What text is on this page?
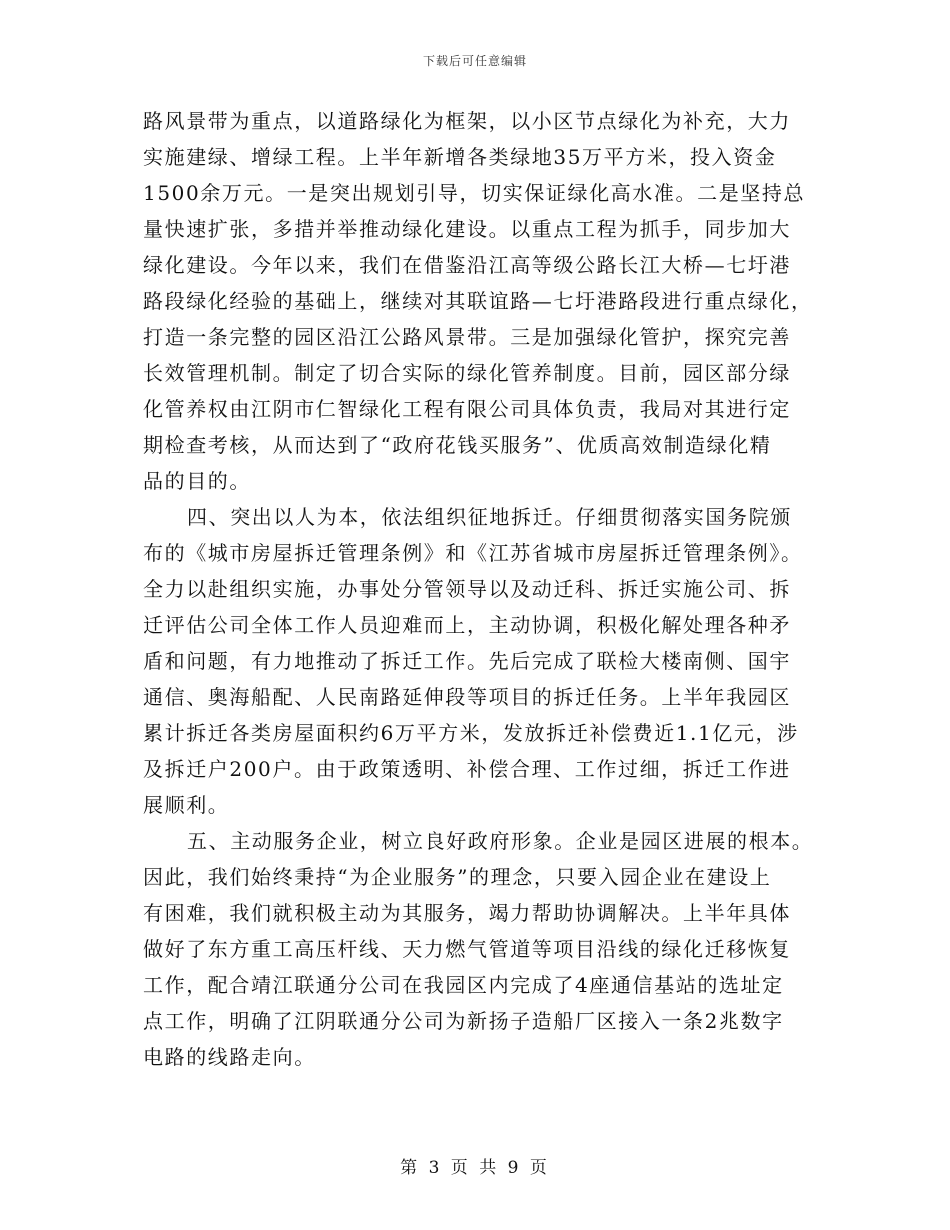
下载后可任意编辑
路风景带为重点，以道路绿化为框架，以小区节点绿化为补充，大力
实施建绿、增绿工程。上半年新增各类绿地35万平方米，投入资金
1500余万元。一是突出规划引导，切实保证绿化高水准。二是坚持总
量快速扩张，多措并举推动绿化建设。以重点工程为抓手，同步加大
绿化建设。今年以来，我们在借鉴沿江高等级公路长江大桥—七圩港
路段绿化经验的基础上，继续对其联谊路—七圩港路段进行重点绿化，
打造一条完整的园区沿江公路风景带。三是加强绿化管护，探究完善
长效管理机制。制定了切合实际的绿化管养制度。目前，园区部分绿
化管养权由江阴市仁智绿化工程有限公司具体负责，我局对其进行定
期检查考核，从而达到了“政府花钱买服务”、优质高效制造绿化精
品的目的。
四、突出以人为本，依法组织征地拆迁。仔细贯彻落实国务院颁
布的《城市房屋拆迁管理条例》和《江苏省城市房屋拆迁管理条例》。
全力以赴组织实施，办事处分管领导以及动迁科、拆迁实施公司、拆
迁评估公司全体工作人员迎难而上，主动协调，积极化解处理各种矛
盾和问题，有力地推动了拆迁工作。先后完成了联检大楼南侧、国宇
通信、奥海船配、人民南路延伸段等项目的拆迁任务。上半年我园区
累计拆迁各类房屋面积约6万平方米，发放拆迁补偿费近1.1亿元，涉
及拆迁户200户。由于政策透明、补偿合理、工作过细，拆迁工作进
展顺利。
五、主动服务企业，树立良好政府形象。企业是园区进展的根本。
因此，我们始终秉持“为企业服务”的理念，只要入园企业在建设上
有困难，我们就积极主动为其服务，竭力帮助协调解决。上半年具体
做好了东方重工高压杆线、天力燃气管道等项目沿线的绿化迁移恢复
工作，配合靖江联通分公司在我园区内完成了4座通信基站的选址定
点工作，明确了江阴联通分公司为新扬子造船厂区接入一条2兆数字
电路的线路走向。
第 3 页 共 9 页
